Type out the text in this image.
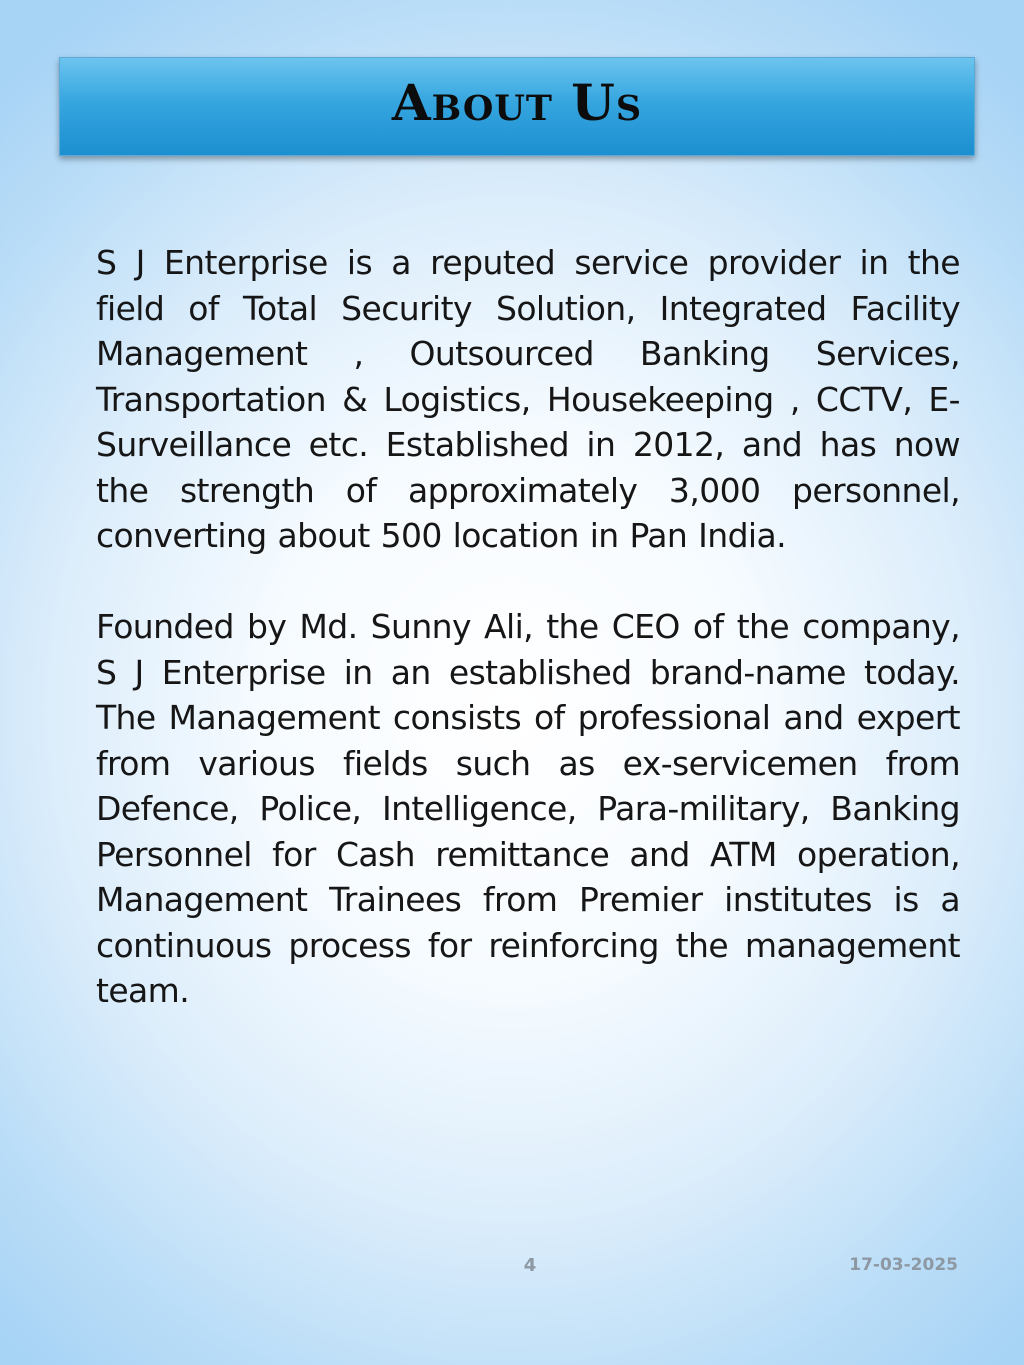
About Us

S J Enterprise is a reputed service provider in the field of Total Security Solution, Integrated Facility Management , Outsourced Banking Services, Transportation & Logistics, Housekeeping , CCTV, E- Surveillance etc. Established in 2012, and has now the strength of approximately 3,000 personnel, converting about 500 location in Pan India.

Founded by Md. Sunny Ali, the CEO of the company, S J Enterprise in an established brand-name today. The Management consists of professional and expert from various fields such as ex-servicemen from Defence, Police, Intelligence, Para-military, Banking Personnel for Cash remittance and ATM operation, Management Trainees from Premier institutes is a continuous process for reinforcing the management team.

4	17-03-2025
